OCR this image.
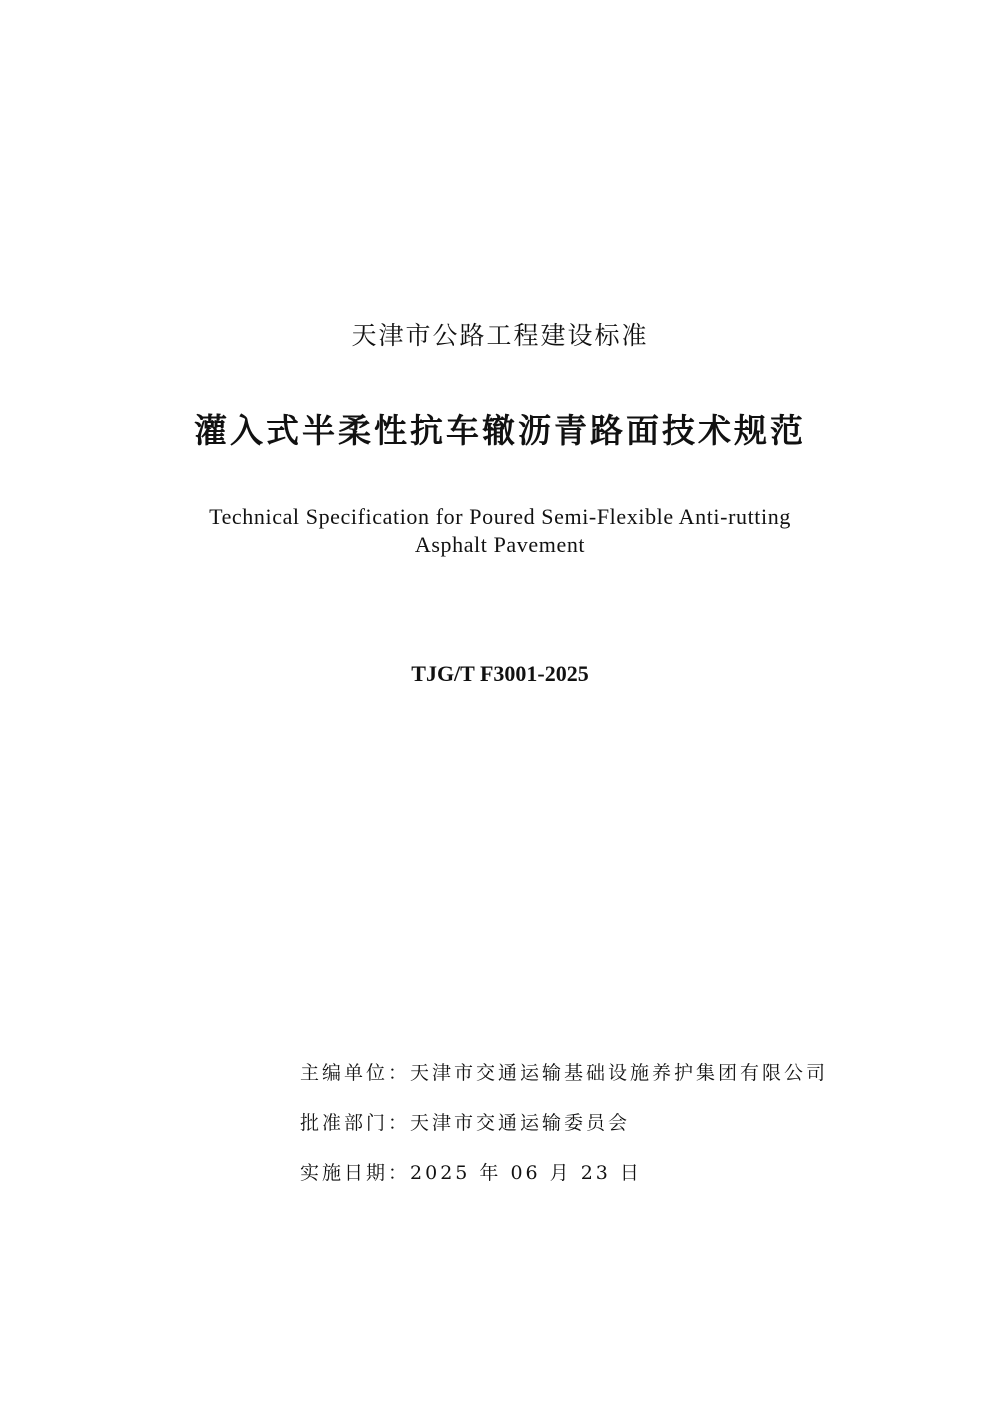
天津市公路工程建设标准
灌入式半柔性抗车辙沥青路面技术规范
Technical Specification for Poured Semi-Flexible Anti-rutting
Asphalt Pavement
TJG/T F3001-2025
主编单位：天津市交通运输基础设施养护集团有限公司
批准部门：天津市交通运输委员会
实施日期：2025 年 06 月 23 日
